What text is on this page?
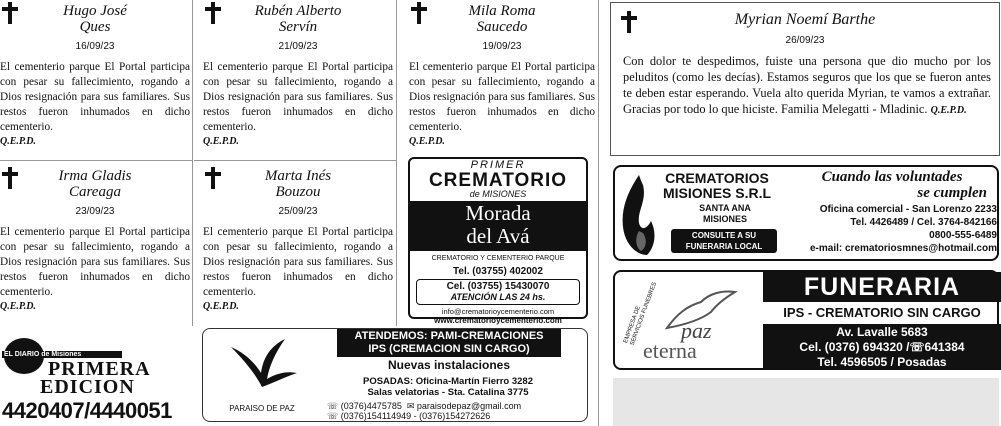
Hugo José
Ques
16/09/23
El cementerio parque El Portal participa con pesar su fallecimiento, rogando a Dios resignación para sus familiares. Sus restos fueron inhumados en dicho cementerio.
Q.E.P.D.
Rubén Alberto
Servín
21/09/23
El cementerio parque El Portal participa con pesar su fallecimiento, rogando a Dios resignación para sus familiares. Sus restos fueron inhumados en dicho cementerio.
Q.E.P.D.
Mila Roma
Saucedo
19/09/23
El cementerio parque El Portal participa con pesar su fallecimiento, rogando a Dios resignación para sus familiares. Sus restos fueron inhumados en dicho cementerio.
Q.E.P.D.
Irma Gladis
Careaga
23/09/23
El cementerio parque El Portal participa con pesar su fallecimiento, rogando a Dios resignación para sus familiares. Sus restos fueron inhumados en dicho cementerio.
Q.E.P.D.
Marta Inés
Bouzou
25/09/23
El cementerio parque El Portal participa con pesar su fallecimiento, rogando a Dios resignación para sus familiares. Sus restos fueron inhumados en dicho cementerio.
Q.E.P.D.
PRIMER
CREMATORIO
de MISIONES
Morada
del Avá
CREMATORIO Y CEMENTERIO PARQUE
Tel. (03755) 402002
Cel. (03755) 15430070
ATENCIÓN LAS 24 hs.
info@crematorioycementerio.com
www.crematorioycementerio.com
EL DIARIO de Misiones
PRIMERA
EDICION
4420407/4440051	PARAISO DE PAZ
ATENDEMOS: PAMI-CREMACIONES
IPS (CREMACION SIN CARGO)
Nuevas instalaciones
POSADAS: Oficina-Martín Fierro 3282
Salas velatorias - Sta. Catalina 3775
☏ (0376)4475785 ✉ paraisodepaz@gmail.com
☏ (0376)154114949 - (0376)154272626
Myrian Noemí Barthe
26/09/23
Con dolor te despedimos, fuiste una persona que dio mucho por los peluditos (como les decías). Estamos seguros que los que se fueron antes te deben estar esperando. Vuela alto querida Myrian, te vamos a extrañar. Gracias por todo lo que hiciste. Familia Melegatti - Mladinic. Q.E.P.D.
CREMATORIOS
MISIONES S.R.L
SANTA ANA
MISIONES
CONSULTE A SU
FUNERARIA LOCAL
Cuando las voluntades
se cumplen
Oficina comercial - San Lorenzo 2233
Tel. 4426489 / Cel. 3764-842166
0800-555-6489
e-mail: crematoriosmnes@hotmail.com
EMPRESA DE SERVICIOS FUNEBRES paz
eterna
FUNERARIA
IPS - CREMATORIO SIN CARGO
Av. Lavalle 5683
Cel. (0376) 694320 /☏641384
Tel. 4596505 / Posadas
